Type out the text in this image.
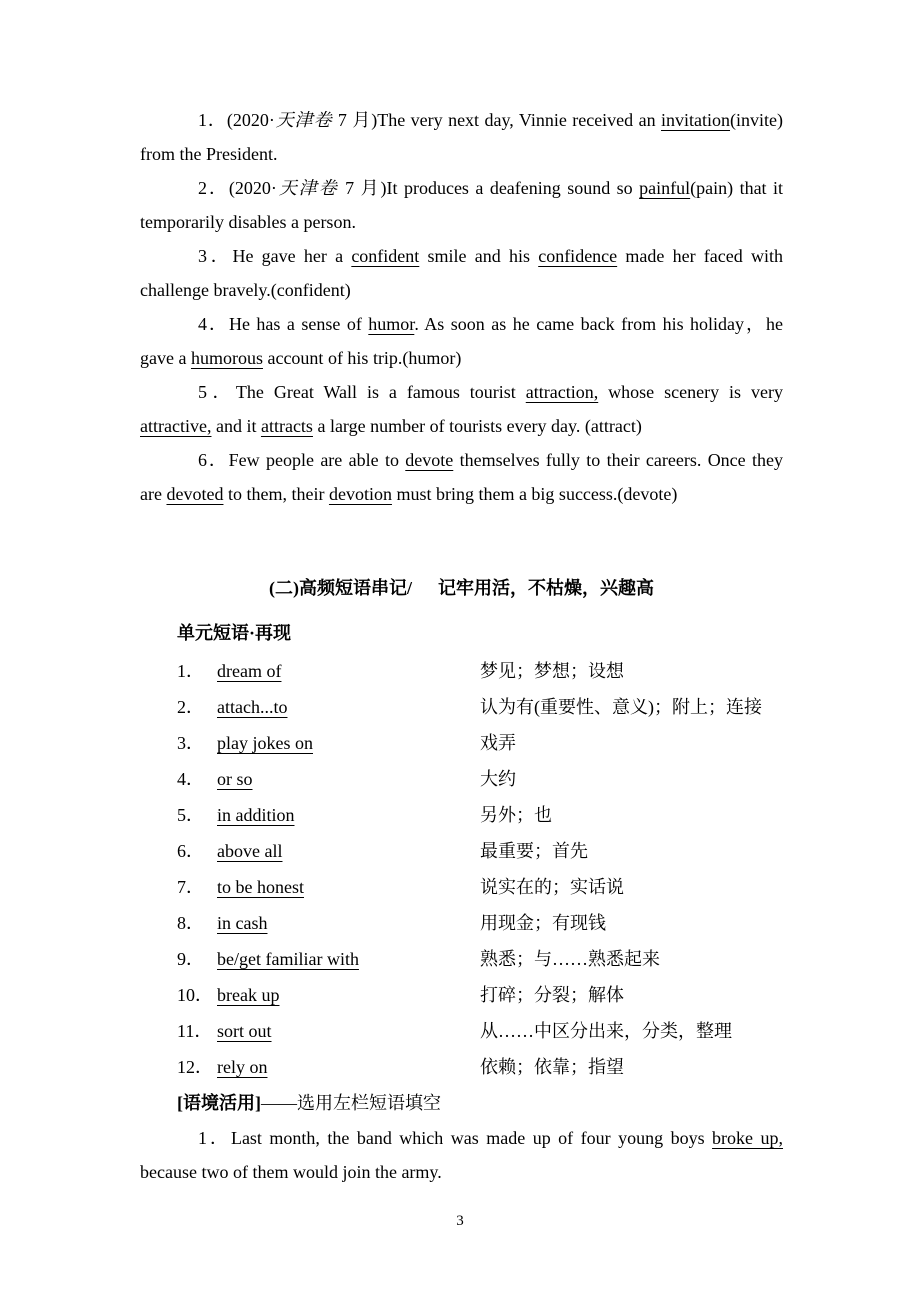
1．(2020·天津卷 7 月)The very next day, Vinnie received an invitation(invite) from the President.

2．(2020·天津卷 7 月)It produces a deafening sound so painful(pain) that it temporarily disables a person.

3．He gave her a confident smile and his confidence made her faced with challenge bravely.(confident)

4．He has a sense of humor. As soon as he came back from his holiday，he gave a humorous account of his trip.(humor)

5．The Great Wall is a famous tourist attraction, whose scenery is very attractive, and it attracts a large number of tourists every day. (attract)

6．Few people are able to devote themselves fully to their careers. Once they are devoted to them, their devotion must bring them a big success.(devote)

(二)高频短语串记/ 记牢用活，不枯燥，兴趣高

单元短语·再现

1． dream of	梦见；梦想；设想
2． attach...to	认为有(重要性、意义)；附上；连接
3． play jokes on	戏弄
4． or so	大约
5． in addition	另外；也
6． above all	最重要；首先
7． to be honest	说实在的；实话说
8． in cash	用现金；有现钱
9． be/get familiar with	熟悉；与……熟悉起来
10． break up	打碎；分裂；解体
11． sort out	从……中区分出来，分类，整理
12． rely on	依赖；依靠；指望

[语境活用]——选用左栏短语填空

1．Last month, the band which was made up of four young boys broke up, because two of them would join the army.

3
